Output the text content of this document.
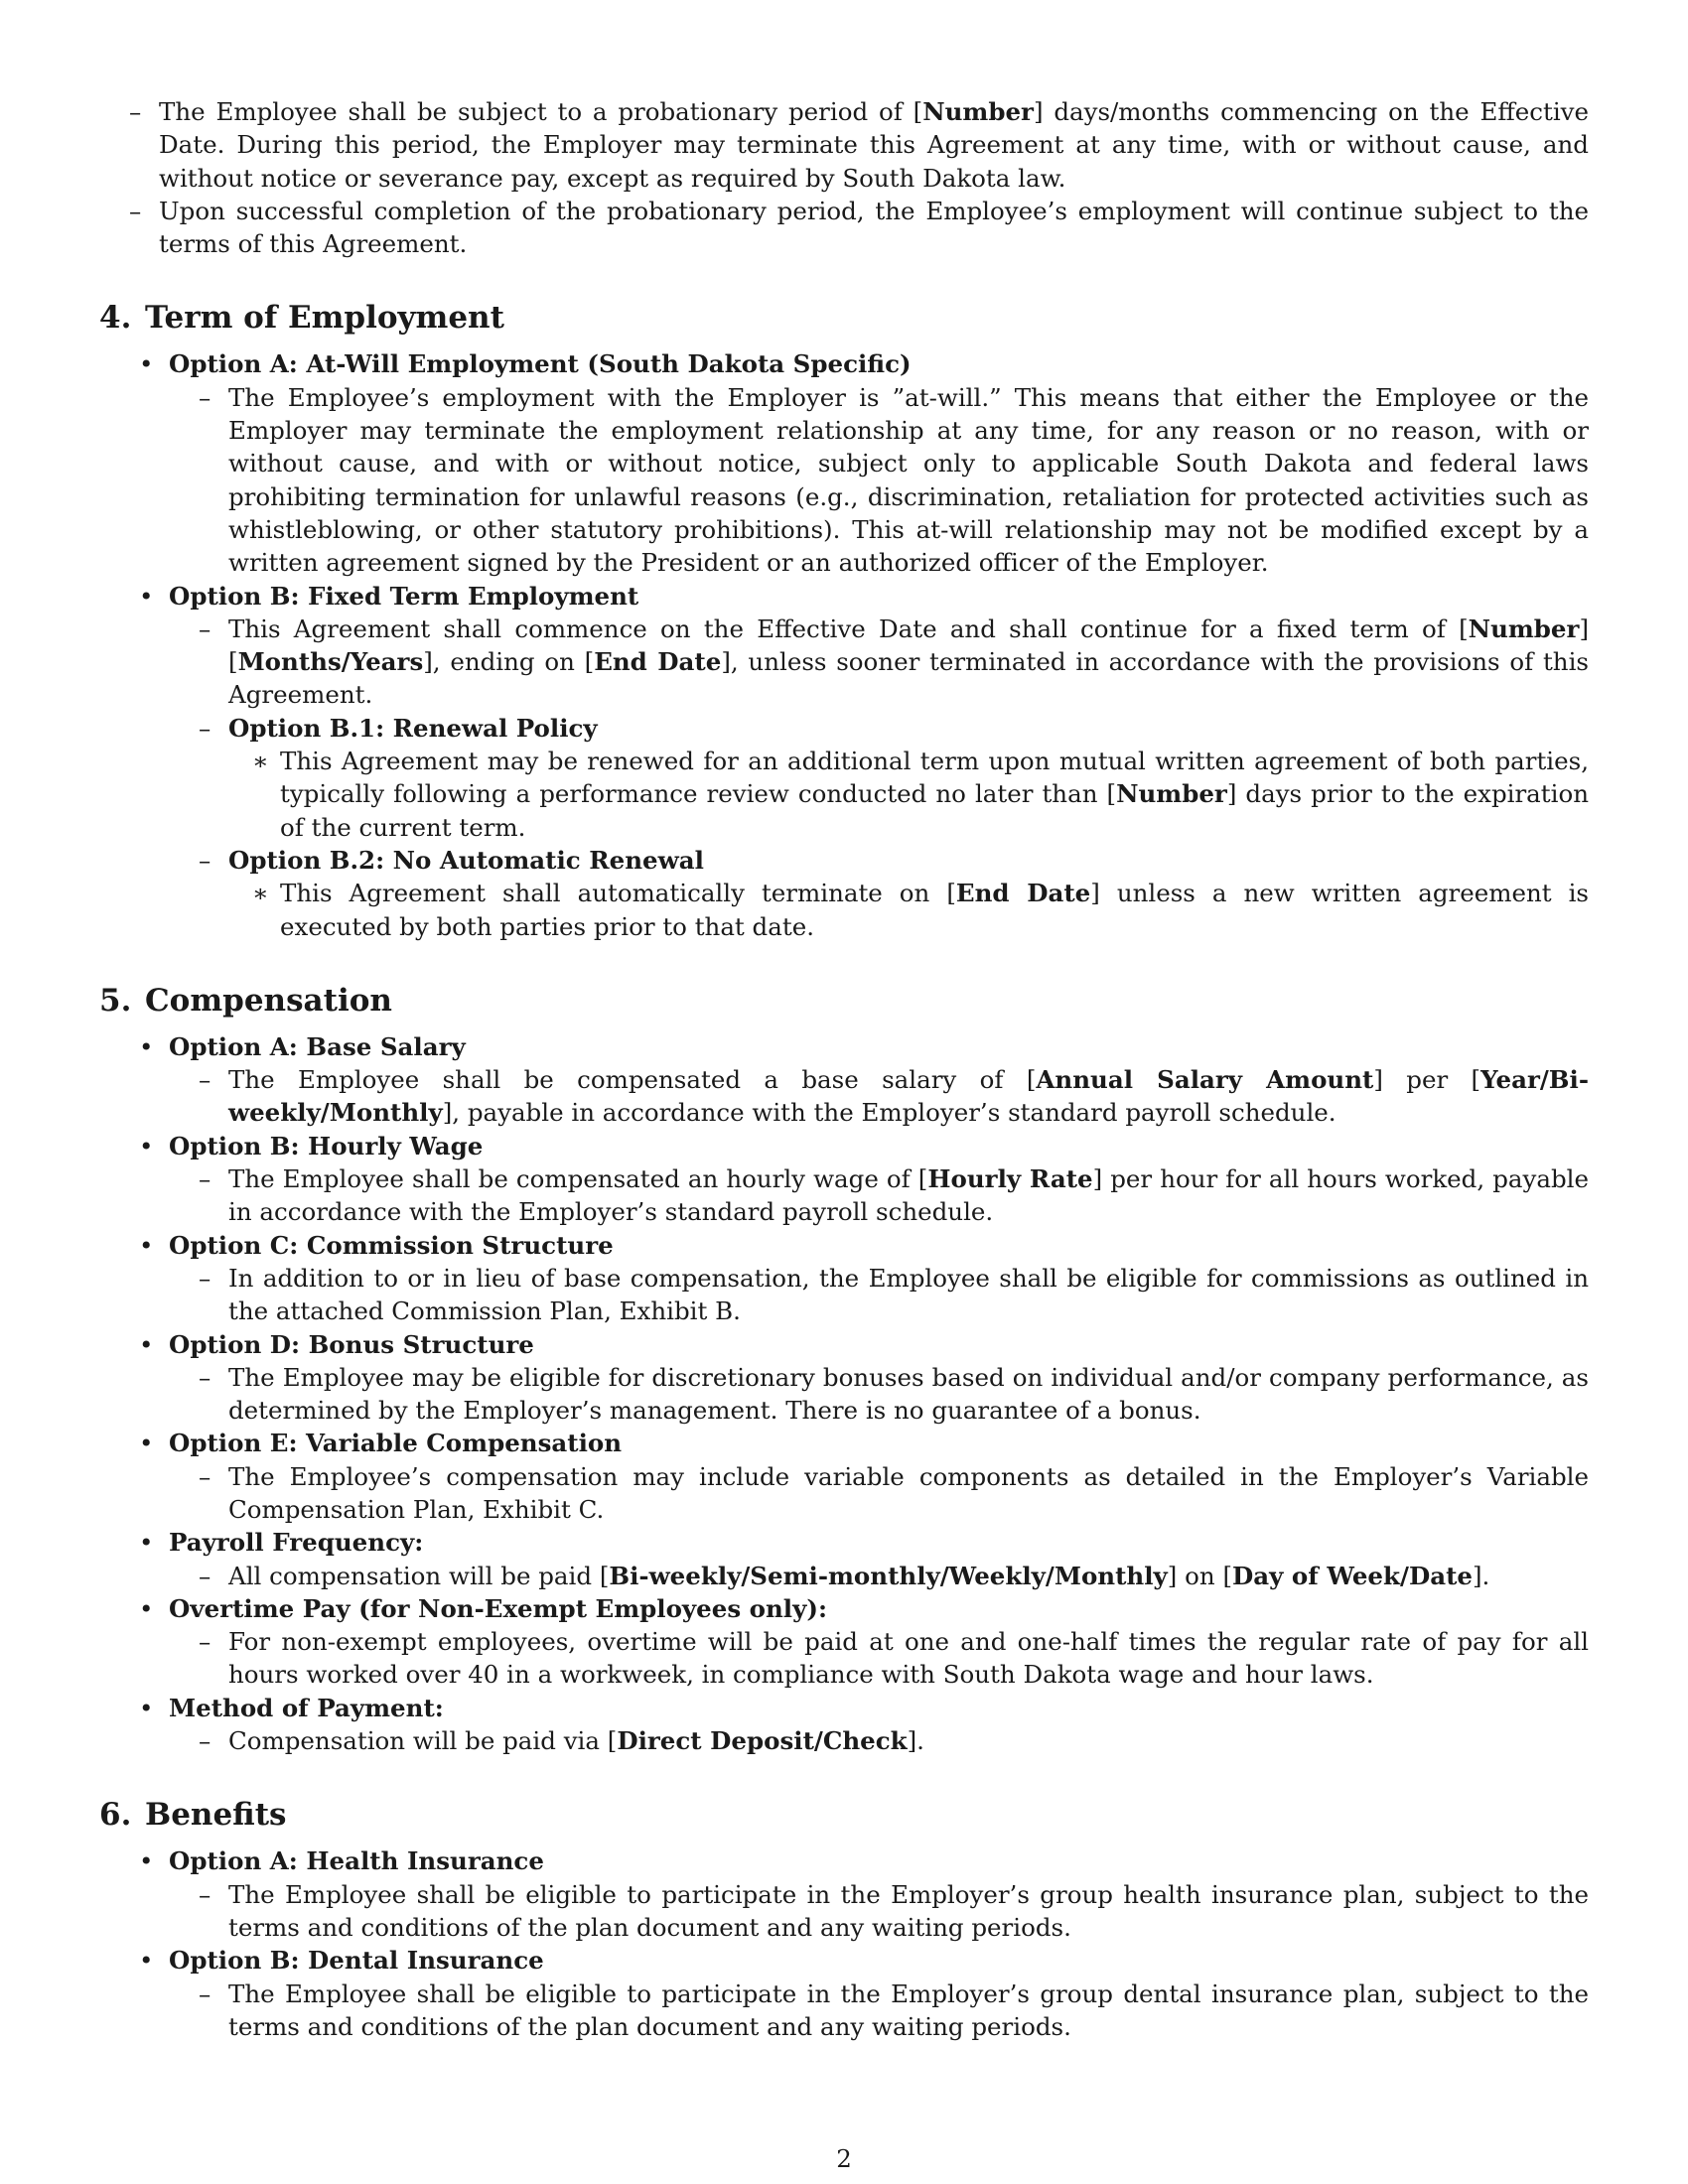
– The Employee shall be subject to a probationary period of [Number] days/months commencing on the Effective Date. During this period, the Employer may terminate this Agreement at any time, with or without cause, and without notice or severance pay, except as required by South Dakota law.
– Upon successful completion of the probationary period, the Employee’s employment will continue subject to the terms of this Agreement.
4. Term of Employment
• Option A: At-Will Employment (South Dakota Specific)
– The Employee’s employment with the Employer is ”at-will.” This means that either the Employee or the Employer may terminate the employment relationship at any time, for any reason or no reason, with or without cause, and with or without notice, subject only to applicable South Dakota and federal laws prohibiting termination for unlawful reasons (e.g., discrimination, retaliation for protected activities such as whistleblowing, or other statutory prohibitions). This at-will relationship may not be modified except by a written agreement signed by the President or an authorized officer of the Employer.
• Option B: Fixed Term Employment
– This Agreement shall commence on the Effective Date and shall continue for a fixed term of [Number] [Months/Years], ending on [End Date], unless sooner terminated in accordance with the provisions of this Agreement.
– Option B.1: Renewal Policy
∗ This Agreement may be renewed for an additional term upon mutual written agreement of both parties, typically following a performance review conducted no later than [Number] days prior to the expiration of the current term.
– Option B.2: No Automatic Renewal
∗ This Agreement shall automatically terminate on [End Date] unless a new written agreement is executed by both parties prior to that date.
5. Compensation
• Option A: Base Salary
– The Employee shall be compensated a base salary of [Annual Salary Amount] per [Year/Bi-weekly/Monthly], payable in accordance with the Employer’s standard payroll schedule.
• Option B: Hourly Wage
– The Employee shall be compensated an hourly wage of [Hourly Rate] per hour for all hours worked, payable in accordance with the Employer’s standard payroll schedule.
• Option C: Commission Structure
– In addition to or in lieu of base compensation, the Employee shall be eligible for commissions as outlined in the attached Commission Plan, Exhibit B.
• Option D: Bonus Structure
– The Employee may be eligible for discretionary bonuses based on individual and/or company performance, as determined by the Employer’s management. There is no guarantee of a bonus.
• Option E: Variable Compensation
– The Employee’s compensation may include variable components as detailed in the Employer’s Variable Compensation Plan, Exhibit C.
• Payroll Frequency:
– All compensation will be paid [Bi-weekly/Semi-monthly/Weekly/Monthly] on [Day of Week/Date].
• Overtime Pay (for Non-Exempt Employees only):
– For non-exempt employees, overtime will be paid at one and one-half times the regular rate of pay for all hours worked over 40 in a workweek, in compliance with South Dakota wage and hour laws.
• Method of Payment:
– Compensation will be paid via [Direct Deposit/Check].
6. Benefits
• Option A: Health Insurance
– The Employee shall be eligible to participate in the Employer’s group health insurance plan, subject to the terms and conditions of the plan document and any waiting periods.
• Option B: Dental Insurance
– The Employee shall be eligible to participate in the Employer’s group dental insurance plan, subject to the terms and conditions of the plan document and any waiting periods.
2
